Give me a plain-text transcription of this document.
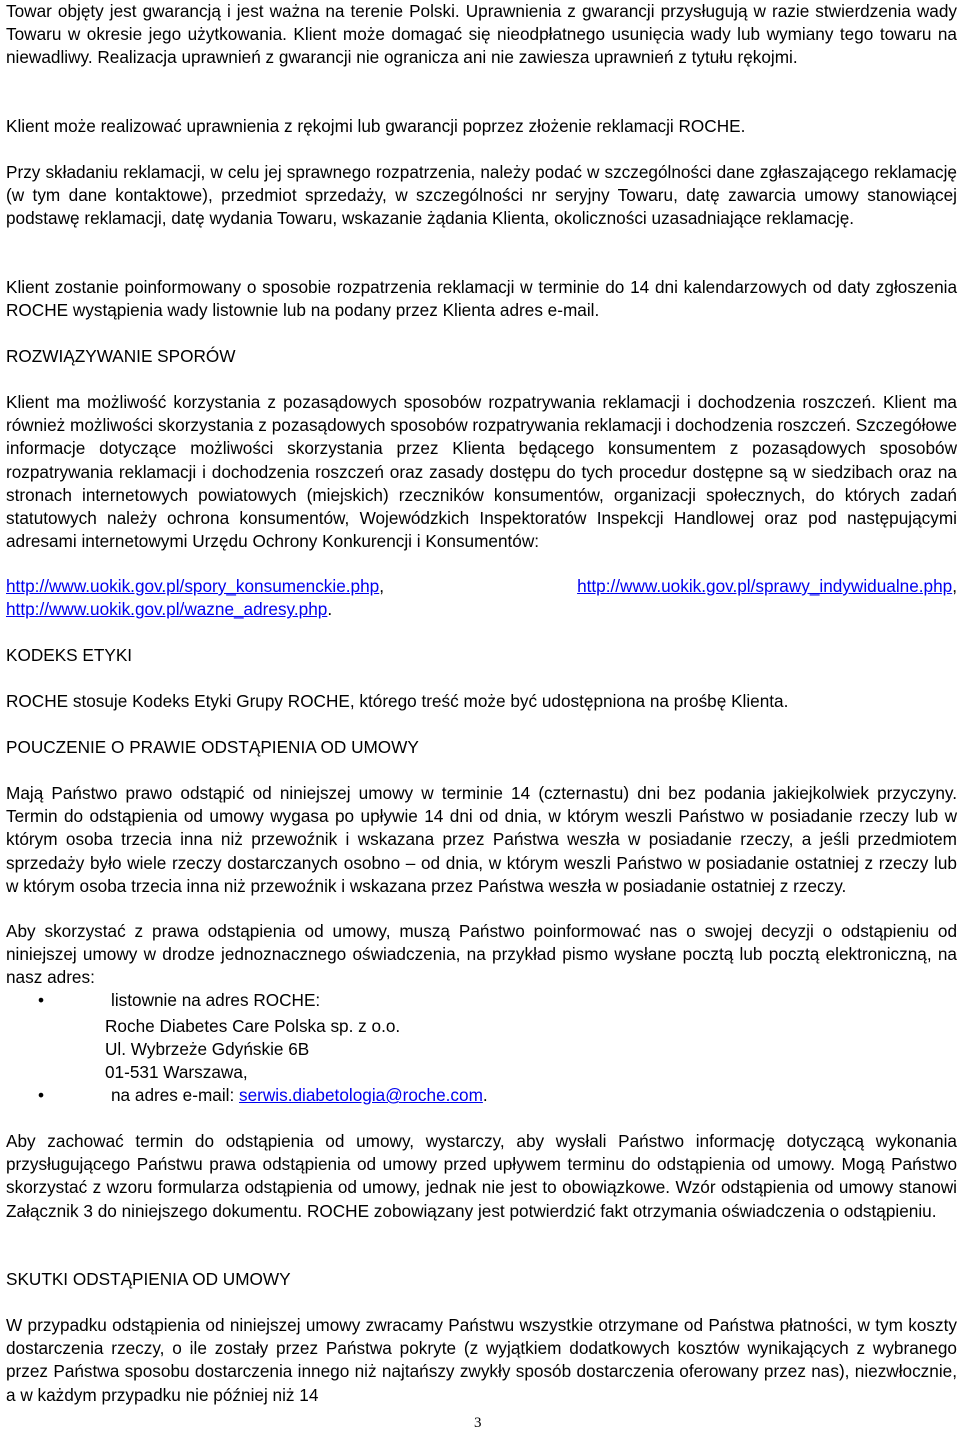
Towar objęty jest gwarancją i jest ważna na terenie Polski. Uprawnienia z gwarancji przysługują w razie stwierdzenia wady Towaru w okresie jego użytkowania. Klient może domagać się nieodpłatnego usunięcia wady lub wymiany tego towaru na niewadliwy. Realizacja uprawnień z gwarancji nie ogranicza ani nie zawiesza uprawnień z tytułu rękojmi.
Klient może realizować uprawnienia z rękojmi lub gwarancji poprzez złożenie reklamacji ROCHE.
Przy składaniu reklamacji, w celu jej sprawnego rozpatrzenia, należy podać w szczególności dane zgłaszającego reklamację (w tym dane kontaktowe), przedmiot sprzedaży, w szczególności nr seryjny Towaru, datę zawarcia umowy stanowiącej podstawę reklamacji, datę wydania Towaru, wskazanie żądania Klienta, okoliczności uzasadniające reklamację.
Klient zostanie poinformowany o sposobie rozpatrzenia reklamacji w terminie do 14 dni kalendarzowych od daty zgłoszenia ROCHE wystąpienia wady listownie lub na podany przez Klienta adres e-mail.
ROZWIĄZYWANIE SPORÓW
Klient ma możliwość korzystania z pozasądowych sposobów rozpatrywania reklamacji i dochodzenia roszczeń. Klient ma również możliwości skorzystania z pozasądowych sposobów rozpatrywania reklamacji i dochodzenia roszczeń. Szczegółowe informacje dotyczące możliwości skorzystania przez Klienta będącego konsumentem z pozasądowych sposobów rozpatrywania reklamacji i dochodzenia roszczeń oraz zasady dostępu do tych procedur dostępne są w siedzibach oraz na stronach internetowych powiatowych (miejskich) rzeczników konsumentów, organizacji społecznych, do których zadań statutowych należy ochrona konsumentów, Wojewódzkich Inspektoratów Inspekcji Handlowej oraz pod następującymi adresami internetowymi Urzędu Ochrony Konkurencji i Konsumentów:
http://www.uokik.gov.pl/spory_konsumenckie.php,	http://www.uokik.gov.pl/sprawy_indywidualne.php,
http://www.uokik.gov.pl/wazne_adresy.php.
KODEKS ETYKI
ROCHE stosuje Kodeks Etyki Grupy ROCHE, którego treść może być udostępniona na prośbę Klienta.
POUCZENIE O PRAWIE ODSTĄPIENIA OD UMOWY
Mają Państwo prawo odstąpić od niniejszej umowy w terminie 14 (czternastu) dni bez podania jakiejkolwiek przyczyny. Termin do odstąpienia od umowy wygasa po upływie 14 dni od dnia, w którym weszli Państwo w posiadanie rzeczy lub w którym osoba trzecia inna niż przewoźnik i wskazana przez Państwa weszła w posiadanie rzeczy, a jeśli przedmiotem sprzedaży było wiele rzeczy dostarczanych osobno – od dnia, w którym weszli Państwo w posiadanie ostatniej z rzeczy lub w którym osoba trzecia inna niż przewoźnik i wskazana przez Państwa weszła w posiadanie ostatniej z rzeczy.
Aby skorzystać z prawa odstąpienia od umowy, muszą Państwo poinformować nas o swojej decyzji o odstąpieniu od niniejszej umowy w drodze jednoznacznego oświadczenia, na przykład pismo wysłane pocztą lub pocztą elektroniczną, na nasz adres:
•	listownie na adres ROCHE:
Roche Diabetes Care Polska sp. z o.o.
Ul. Wybrzeże Gdyńskie 6B
01-531 Warszawa,
•	na adres e-mail: serwis.diabetologia@roche.com.
Aby zachować termin do odstąpienia od umowy, wystarczy, aby wysłali Państwo informację dotyczącą wykonania przysługującego Państwu prawa odstąpienia od umowy przed upływem terminu do odstąpienia od umowy. Mogą Państwo skorzystać z wzoru formularza odstąpienia od umowy, jednak nie jest to obowiązkowe. Wzór odstąpienia od umowy stanowi Załącznik 3 do niniejszego dokumentu. ROCHE zobowiązany jest potwierdzić fakt otrzymania oświadczenia o odstąpieniu.
SKUTKI ODSTĄPIENIA OD UMOWY
W przypadku odstąpienia od niniejszej umowy zwracamy Państwu wszystkie otrzymane od Państwa płatności, w tym koszty dostarczenia rzeczy, o ile zostały przez Państwa pokryte (z wyjątkiem dodatkowych kosztów wynikających z wybranego przez Państwa sposobu dostarczenia innego niż najtańszy zwykły sposób dostarczenia oferowany przez nas), niezwłocznie, a w każdym przypadku nie później niż 14
3
